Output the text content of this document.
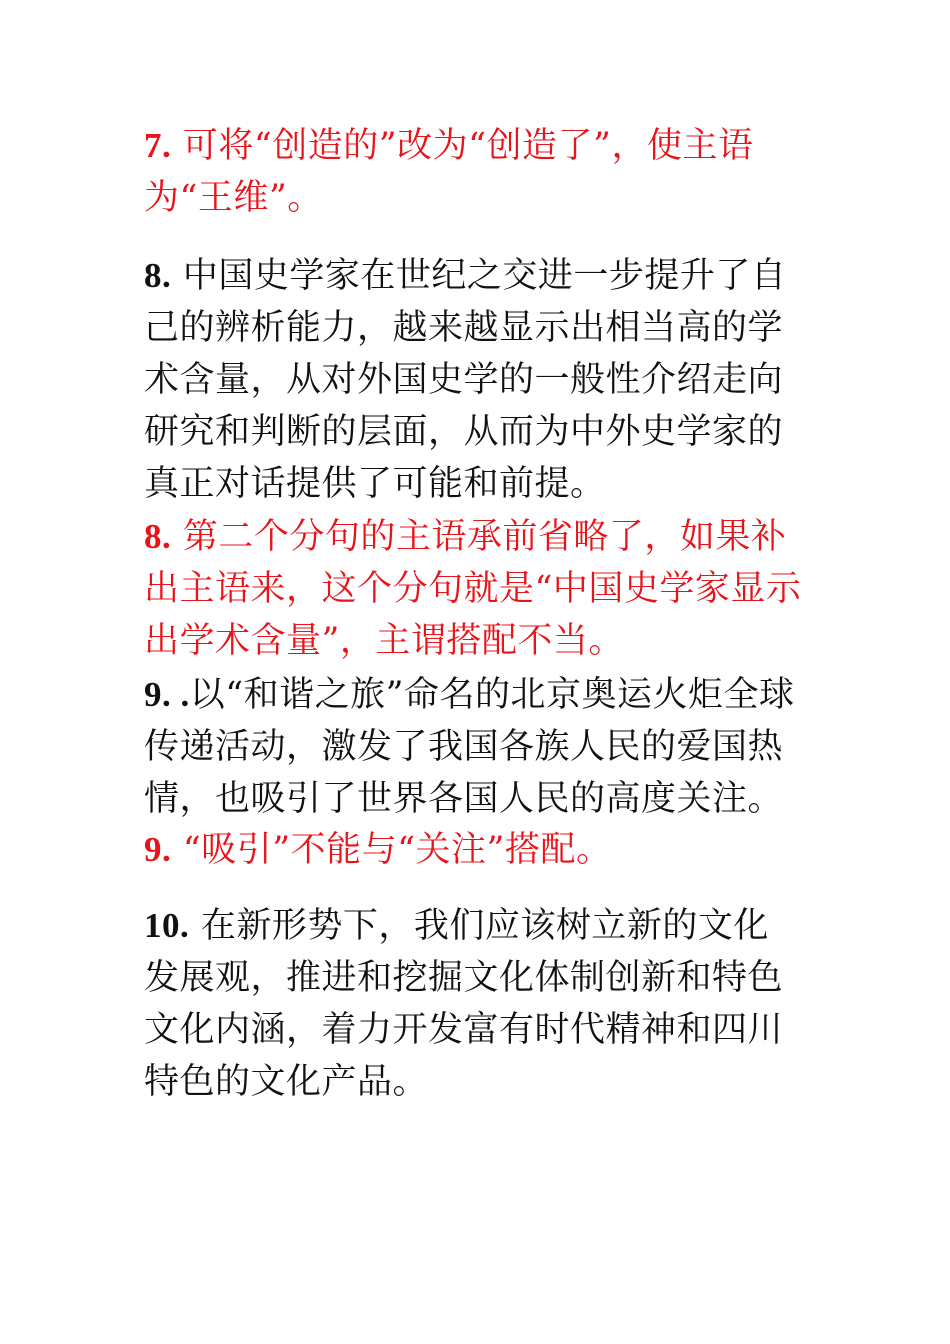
7. 可将“创造的”改为“创造了”，使主语为“王维”。

8. 中国史学家在世纪之交进一步提升了自己的辨析能力，越来越显示出相当高的学术含量，从对外国史学的一般性介绍走向研究和判断的层面，从而为中外史学家的真正对话提供了可能和前提。

8. 第二个分句的主语承前省略了，如果补出主语来，这个分句就是“中国史学家显示出学术含量”，主谓搭配不当。

9. .以“和谐之旅”命名的北京奥运火炬全球传递活动，激发了我国各族人民的爱国热情，也吸引了世界各国人民的高度关注。

9. “吸引”不能与“关注”搭配。

10. 在新形势下，我们应该树立新的文化发展观，推进和挖掘文化体制创新和特色文化内涵，着力开发富有时代精神和四川特色的文化产品。
